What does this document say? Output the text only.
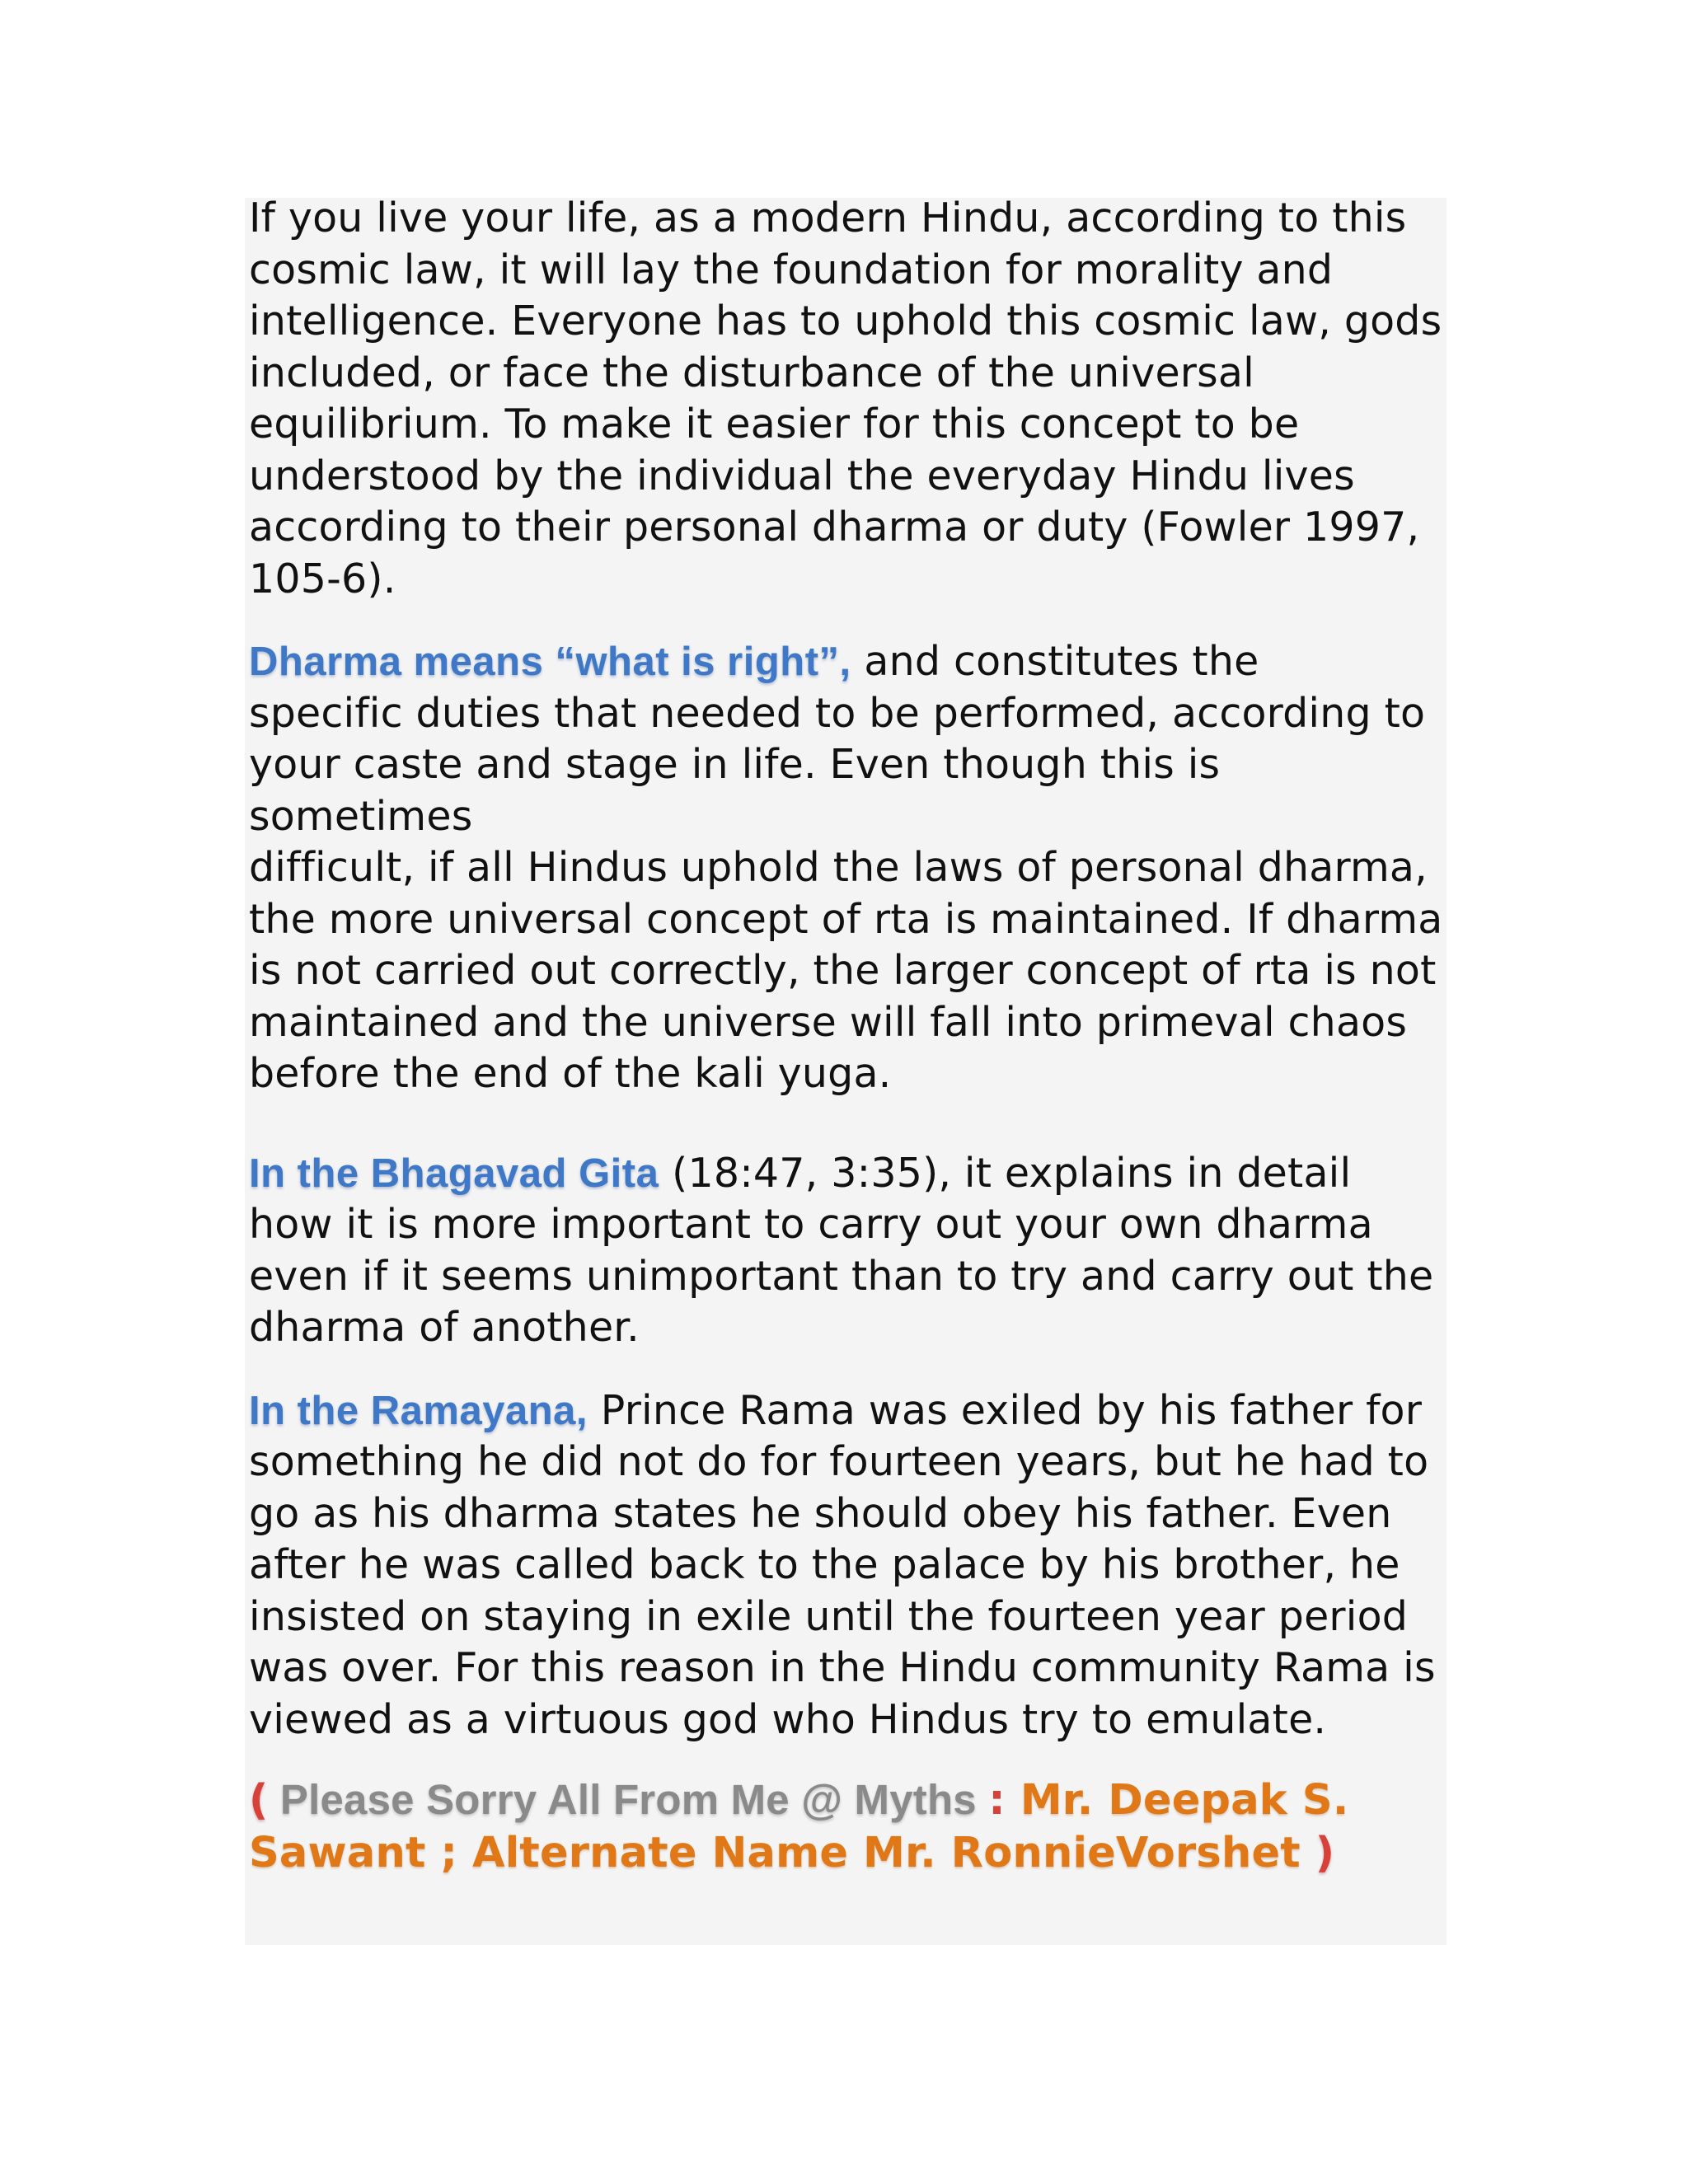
If you live your life, as a modern Hindu, according to this
cosmic law, it will lay the foundation for morality and
intelligence. Everyone has to uphold this cosmic law, gods
included, or face the disturbance of the universal
equilibrium. To make it easier for this concept to be
understood by the individual the everyday Hindu lives
according to their personal dharma or duty (Fowler 1997,
105-6).

Dharma means “what is right”, and constitutes the
specific duties that needed to be performed, according to
your caste and stage in life. Even though this is sometimes
difficult, if all Hindus uphold the laws of personal dharma,
the more universal concept of rta is maintained. If dharma
is not carried out correctly, the larger concept of rta is not
maintained and the universe will fall into primeval chaos
before the end of the kali yuga.

In the Bhagavad Gita (18:47, 3:35), it explains in detail
how it is more important to carry out your own dharma
even if it seems unimportant than to try and carry out the
dharma of another.

In the Ramayana, Prince Rama was exiled by his father for
something he did not do for fourteen years, but he had to
go as his dharma states he should obey his father. Even
after he was called back to the palace by his brother, he
insisted on staying in exile until the fourteen year period
was over. For this reason in the Hindu community Rama is
viewed as a virtuous god who Hindus try to emulate.

( Please Sorry All From Me @ Myths : Mr. Deepak S.
Sawant ; Alternate Name Mr. RonnieVorshet )
